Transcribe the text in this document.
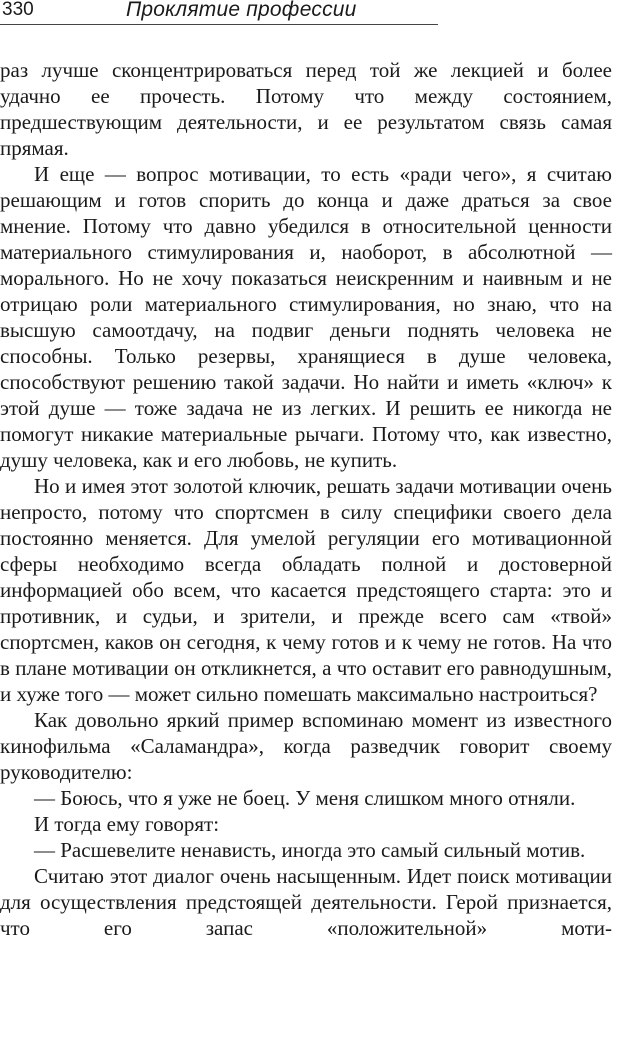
330	Проклятие профессии

раз лучше сконцентрироваться перед той же лекцией и более удачно ее прочесть. Потому что между состоянием, предшествующим деятельности, и ее результатом связь самая прямая.

И еще — вопрос мотивации, то есть «ради чего», я считаю решающим и готов спорить до конца и даже драться за свое мнение. Потому что давно убедился в относительной ценности материального стимулирования и, наоборот, в абсолютной — морального. Но не хочу показаться неискренним и наивным и не отрицаю роли материального стимулирования, но знаю, что на высшую самоотдачу, на подвиг деньги поднять человека не способны. Только резервы, хранящиеся в душе человека, способствуют решению такой задачи. Но найти и иметь «ключ» к этой душе — тоже задача не из легких. И решить ее никогда не помогут никакие материальные рычаги. Потому что, как известно, душу человека, как и его любовь, не купить.

Но и имея этот золотой ключик, решать задачи мотивации очень непросто, потому что спортсмен в силу специфики своего дела постоянно меняется. Для умелой регуляции его мотивационной сферы необходимо всегда обладать полной и достоверной информацией обо всем, что касается предстоящего старта: это и противник, и судьи, и зрители, и прежде всего сам «твой» спортсмен, каков он сегодня, к чему готов и к чему не готов. На что в плане мотивации он откликнется, а что оставит его равнодушным, и хуже того — может сильно помешать максимально настроиться?

Как довольно яркий пример вспоминаю момент из известного кинофильма «Саламандра», когда разведчик говорит своему руководителю:

— Боюсь, что я уже не боец. У меня слишком много отняли.

И тогда ему говорят:

— Расшевелите ненависть, иногда это самый сильный мотив.

Считаю этот диалог очень насыщенным. Идет поиск мотивации для осуществления предстоящей деятельности. Герой признается, что его запас «положительной» моти-
